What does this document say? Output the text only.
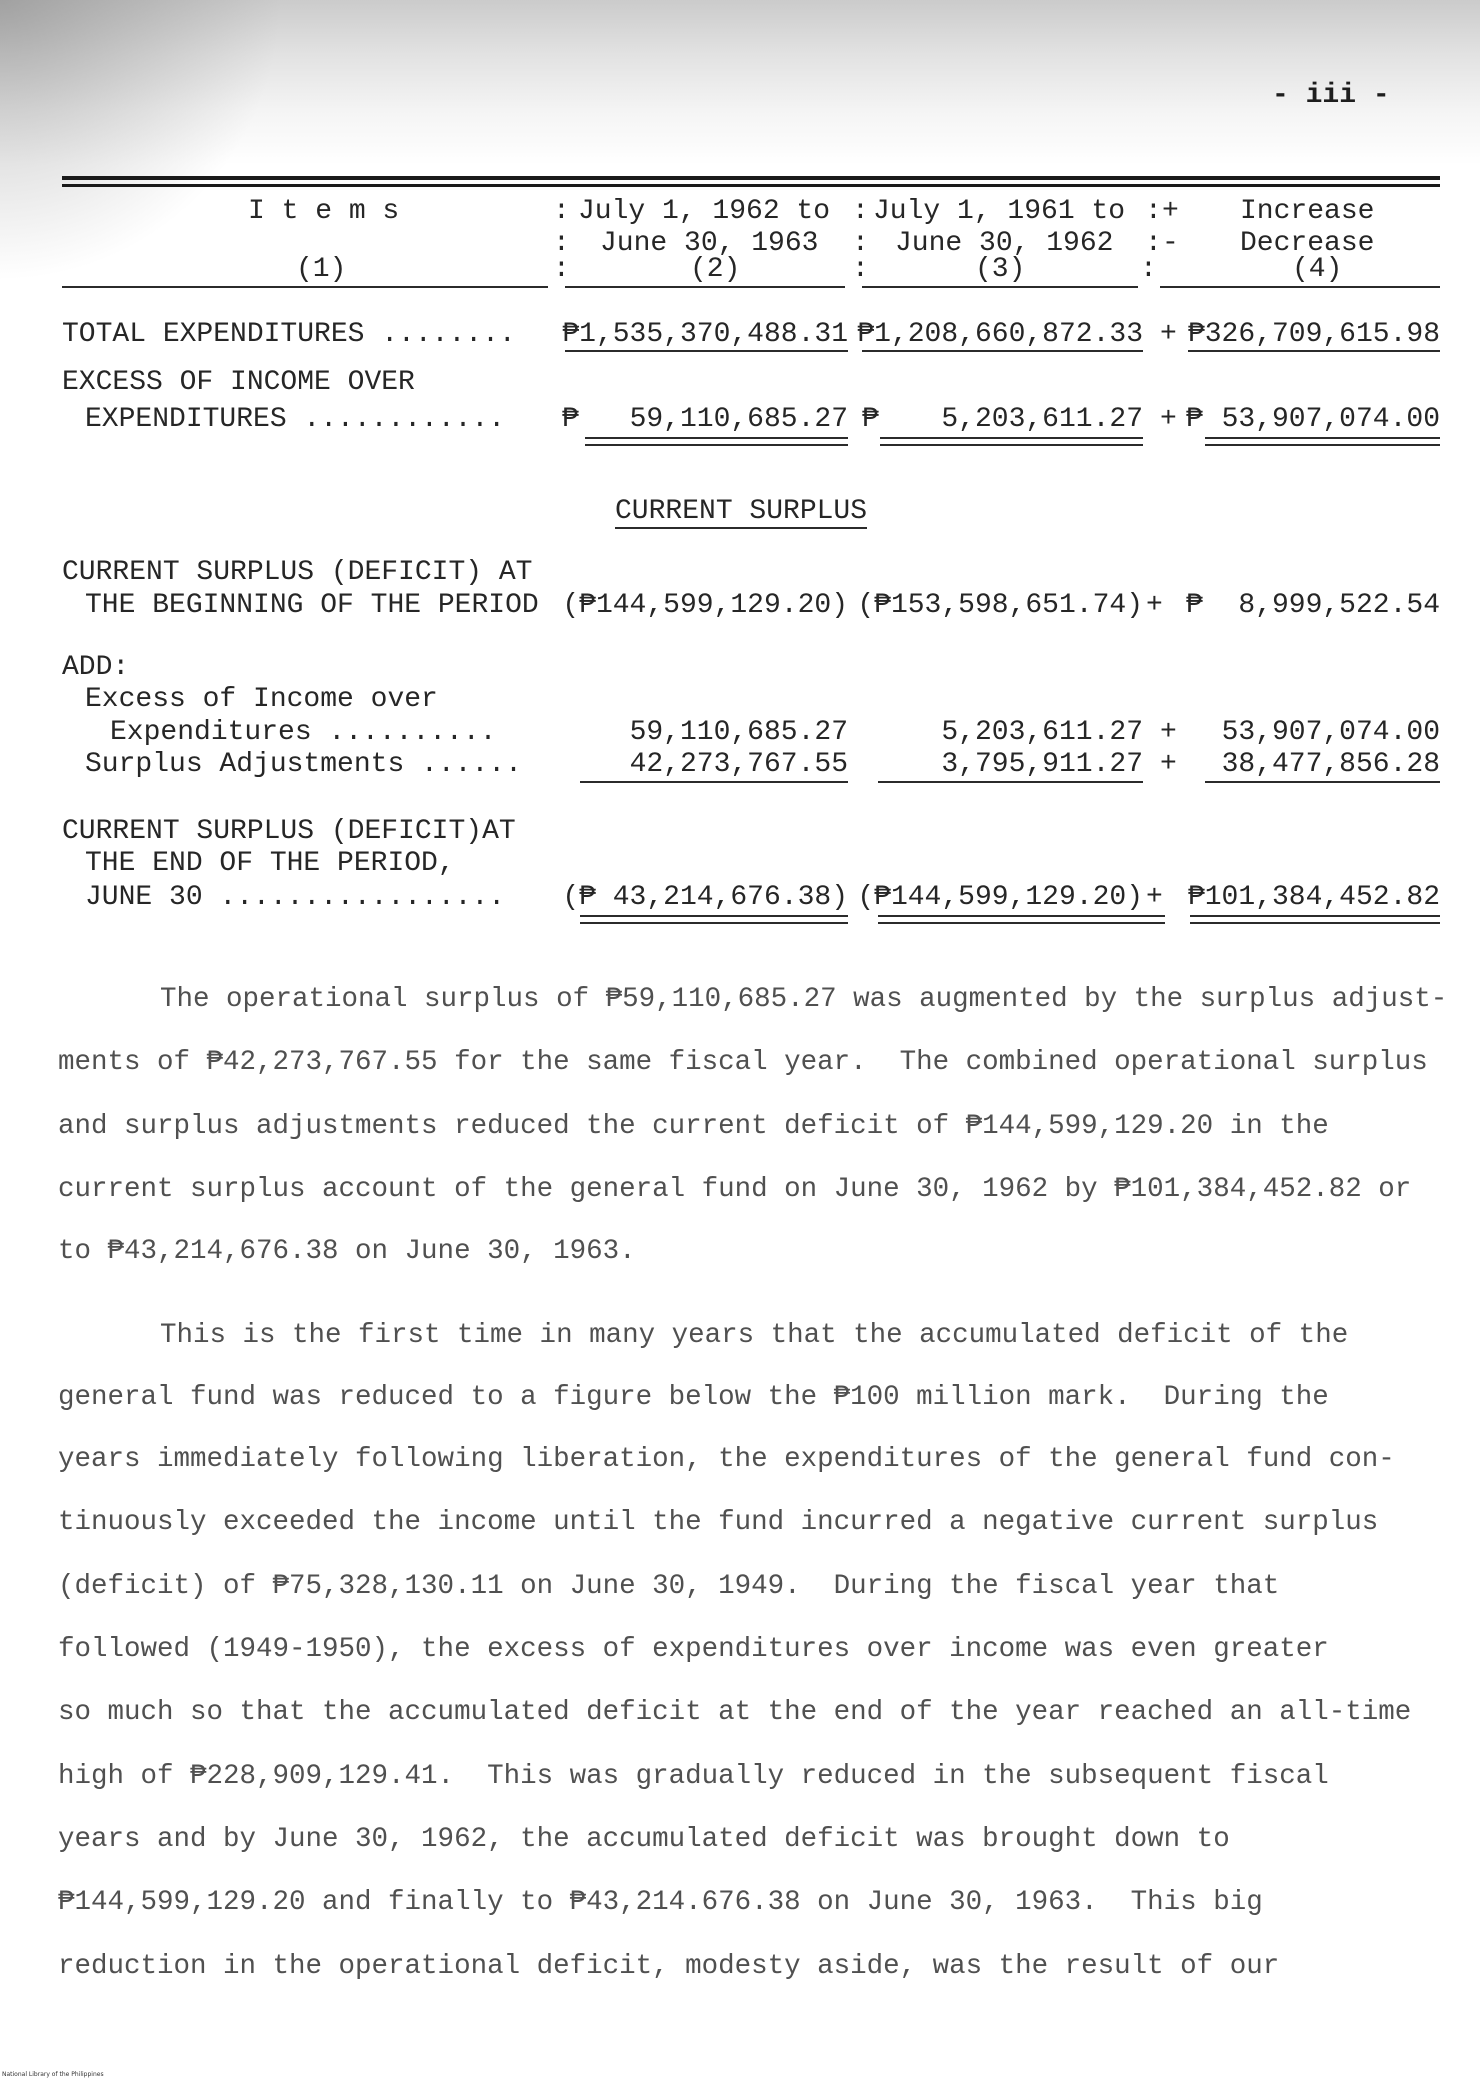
- iii -
I t e m s	: July 1, 1962 to : July 1, 1961 to : + Increase
: June 30, 1963 : June 30, 1962 : - Decrease
(1)	:	(2)	:	(3)	:	(4)
TOTAL EXPENDITURES ........ ₱1,535,370,488.31 ₱1,208,660,872.33 + ₱326,709,615.98
EXCESS OF INCOME OVER
EXPENDITURES ............ ₱ 59,110,685.27 ₱ 5,203,611.27 + ₱ 53,907,074.00
CURRENT SURPLUS
CURRENT SURPLUS (DEFICIT) AT
THE BEGINNING OF THE PERIOD (₱144,599,129.20) (₱153,598,651.74) + ₱ 8,999,522.54
ADD:
Excess of Income over
Expenditures ..........	59,110,685.27	5,203,611.27 + 53,907,074.00
Surplus Adjustments ......	42,273,767.55	3,795,911.27 + 38,477,856.28
CURRENT SURPLUS (DEFICIT)AT
THE END OF THE PERIOD,
JUNE 30 ................. (₱ 43,214,676.38) (₱144,599,129.20) + ₱101,384,452.82
The operational surplus of ₱59,110,685.27 was augmented by the surplus adjust-
ments of ₱42,273,767.55 for the same fiscal year.  The combined operational surplus
and surplus adjustments reduced the current deficit of ₱144,599,129.20 in the
current surplus account of the general fund on June 30, 1962 by ₱101,384,452.82 or
to ₱43,214,676.38 on June 30, 1963.
This is the first time in many years that the accumulated deficit of the
general fund was reduced to a figure below the ₱100 million mark.  During the
years immediately following liberation, the expenditures of the general fund con-
tinuously exceeded the income until the fund incurred a negative current surplus
(deficit) of ₱75,328,130.11 on June 30, 1949.  During the fiscal year that
followed (1949-1950), the excess of expenditures over income was even greater
so much so that the accumulated deficit at the end of the year reached an all-time
high of ₱228,909,129.41.  This was gradually reduced in the subsequent fiscal
years and by June 30, 1962, the accumulated deficit was brought down to
₱144,599,129.20 and finally to ₱43,214.676.38 on June 30, 1963.  This big
reduction in the operational deficit, modesty aside, was the result of our
National Library of the Philippines
